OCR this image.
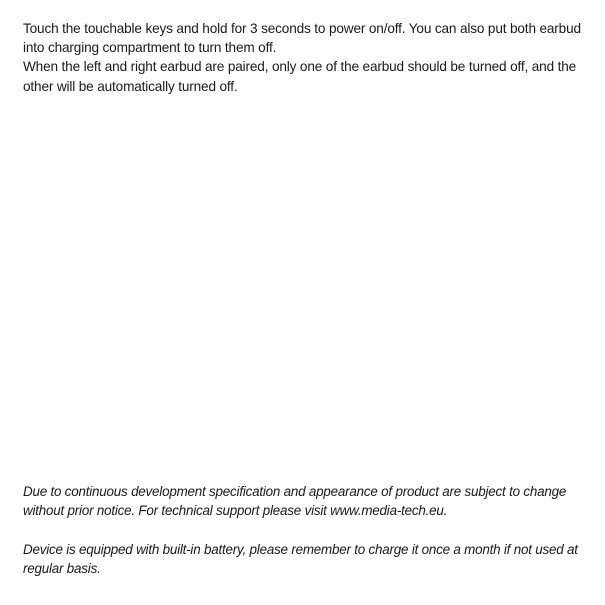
Touch the touchable keys and hold for 3 seconds to power on/off. You can also put both earbud into charging compartment to turn them off.

When the left and right earbud are paired, only one of the earbud should be turned off, and the other will be automatically turned off.

Due to continuous development specification and appearance of product are subject to change without prior notice. For technical support please visit www.media-tech.eu.

Device is equipped with built-in battery, please remember to charge it once a month if not used at regular basis.
